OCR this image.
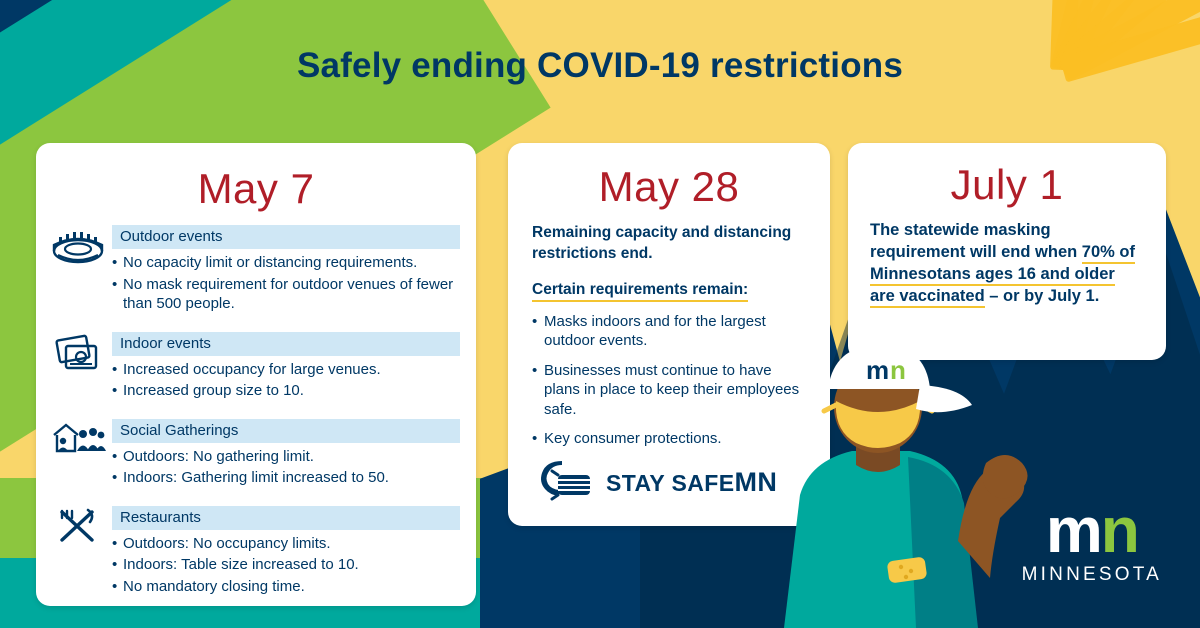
Safely ending COVID-19 restrictions
May 7
Outdoor events
• No capacity limit or distancing requirements.
• No mask requirement for outdoor venues of fewer than 500 people.
Indoor events
• Increased occupancy for large venues.
• Increased group size to 10.
Social Gatherings
• Outdoors: No gathering limit.
• Indoors: Gathering limit increased to 50.
Restaurants
• Outdoors: No occupancy limits.
• Indoors: Table size increased to 10.
• No mandatory closing time.
May 28
Remaining capacity and distancing restrictions end.
Certain requirements remain:
• Masks indoors and for the largest outdoor events.
• Businesses must continue to have plans in place to keep their employees safe.
• Key consumer protections.
STAY SAFEMN
July 1
The statewide masking requirement will end when 70% of Minnesotans ages 16 and older are vaccinated – or by July 1.
m n
mn
MINNESOTA
